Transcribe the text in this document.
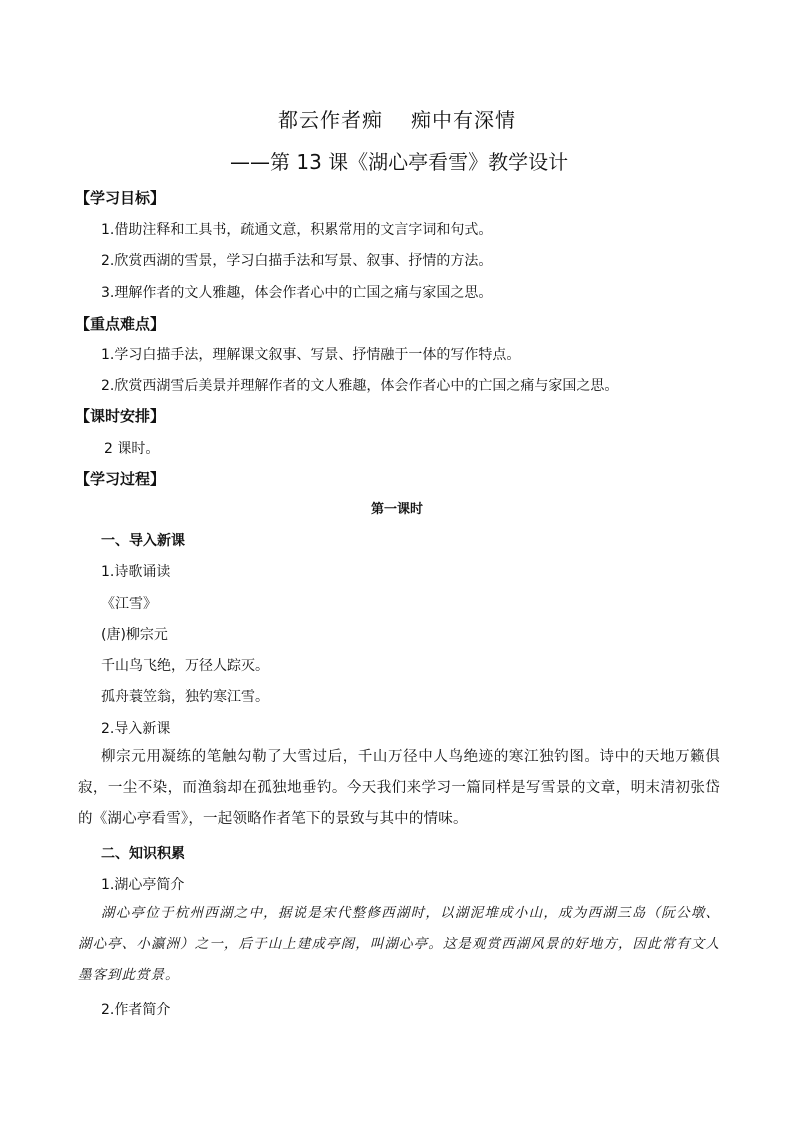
都云作者痴 痴中有深情
——第 13 课《湖心亭看雪》教学设计
【学习目标】
1.借助注释和工具书，疏通文意，积累常用的文言字词和句式。
2.欣赏西湖的雪景，学习白描手法和写景、叙事、抒情的方法。
3.理解作者的文人雅趣，体会作者心中的亡国之痛与家国之思。
【重点难点】
1.学习白描手法，理解课文叙事、写景、抒情融于一体的写作特点。
2.欣赏西湖雪后美景并理解作者的文人雅趣，体会作者心中的亡国之痛与家国之思。
【课时安排】
2 课时。
【学习过程】
第一课时
一、导入新课
1.诗歌诵读
《江雪》
(唐)柳宗元
千山鸟飞绝，万径人踪灭。
孤舟蓑笠翁，独钓寒江雪。
2.导入新课
柳宗元用凝练的笔触勾勒了大雪过后，千山万径中人鸟绝迹的寒江独钓图。诗中的天地万籁俱寂，一尘不染，而渔翁却在孤独地垂钓。今天我们来学习一篇同样是写雪景的文章，明末清初张岱的《湖心亭看雪》，一起领略作者笔下的景致与其中的情味。
二、知识积累
1.湖心亭简介
湖心亭位于杭州西湖之中，据说是宋代整修西湖时，以湖泥堆成小山，成为西湖三岛（阮公墩、湖心亭、小瀛洲）之一，后于山上建成亭阁，叫湖心亭。这是观赏西湖风景的好地方，因此常有文人墨客到此赏景。
2.作者简介
